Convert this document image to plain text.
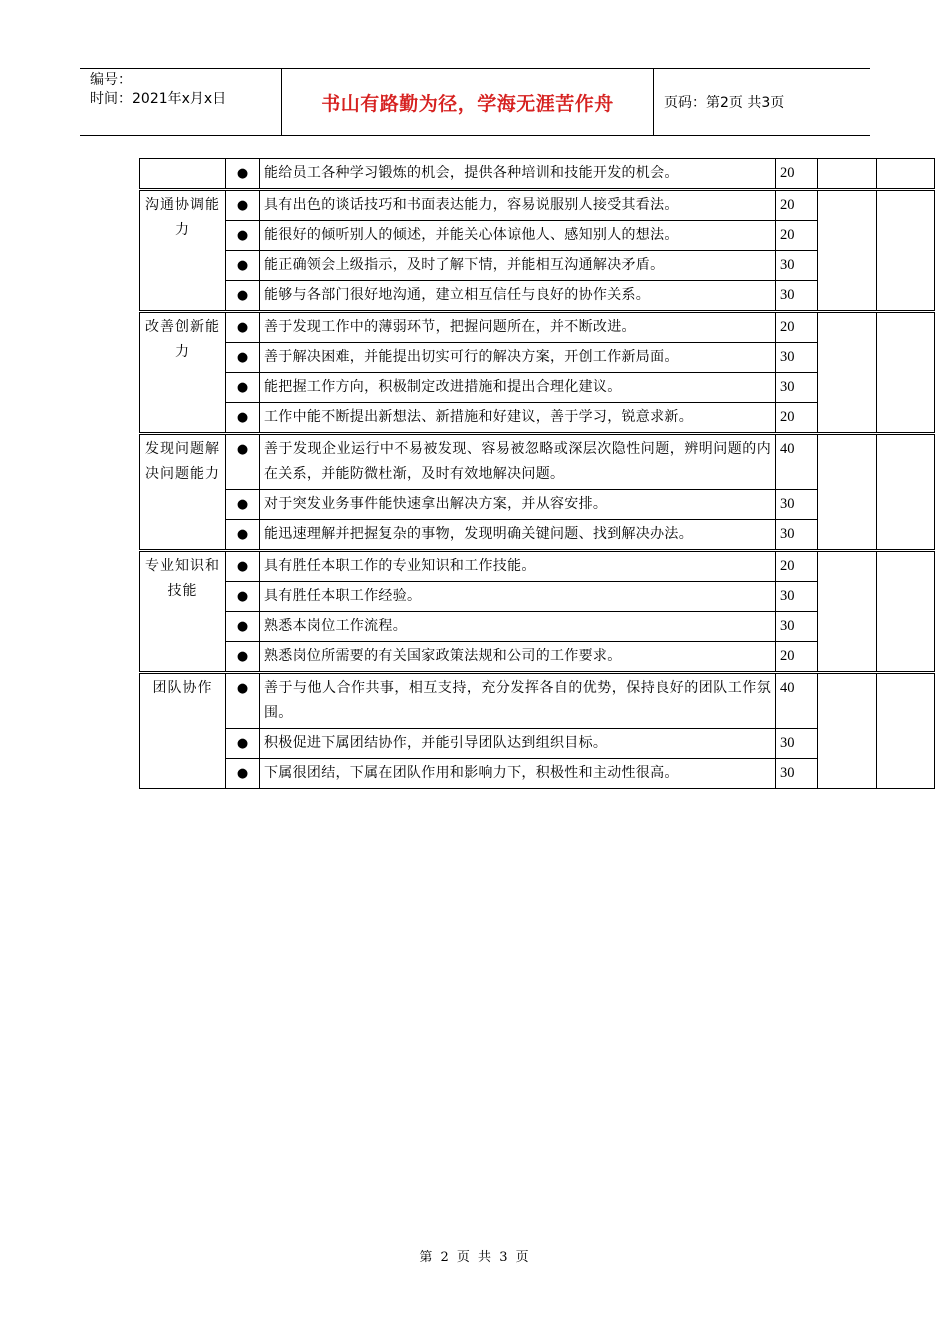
编号：
时间：2021年x月x日	书山有路勤为径，学海无涯苦作舟	页码：第2页 共3页
	●	能给员工各种学习锻炼的机会，提供各种培训和技能开发的机会。	20		
沟通协调能力	●	具有出色的谈话技巧和书面表达能力，容易说服别人接受其看法。	20		
	●	能很好的倾听别人的倾述，并能关心体谅他人、感知别人的想法。	20		
	●	能正确领会上级指示，及时了解下情，并能相互沟通解决矛盾。	30		
	●	能够与各部门很好地沟通，建立相互信任与良好的协作关系。	30		
改善创新能力	●	善于发现工作中的薄弱环节，把握问题所在，并不断改进。	20		
	●	善于解决困难，并能提出切实可行的解决方案，开创工作新局面。	30		
	●	能把握工作方向，积极制定改进措施和提出合理化建议。	30		
	●	工作中能不断提出新想法、新措施和好建议，善于学习，锐意求新。	20		
发现问题解决问题能力	●	善于发现企业运行中不易被发现、容易被忽略或深层次隐性问题，辨明问题的内在关系，并能防微杜渐，及时有效地解决问题。	40		
	●	对于突发业务事件能快速拿出解决方案，并从容安排。	30		
	●	能迅速理解并把握复杂的事物，发现明确关键问题、找到解决办法。	30		
专业知识和技能	●	具有胜任本职工作的专业知识和工作技能。	20		
	●	具有胜任本职工作经验。	30		
	●	熟悉本岗位工作流程。	30		
	●	熟悉岗位所需要的有关国家政策法规和公司的工作要求。	20		
团队协作	●	善于与他人合作共事，相互支持，充分发挥各自的优势，保持良好的团队工作氛围。	40		
	●	积极促进下属团结协作，并能引导团队达到组织目标。	30		
	●	下属很团结，下属在团队作用和影响力下，积极性和主动性很高。	30		
第 2 页 共 3 页
